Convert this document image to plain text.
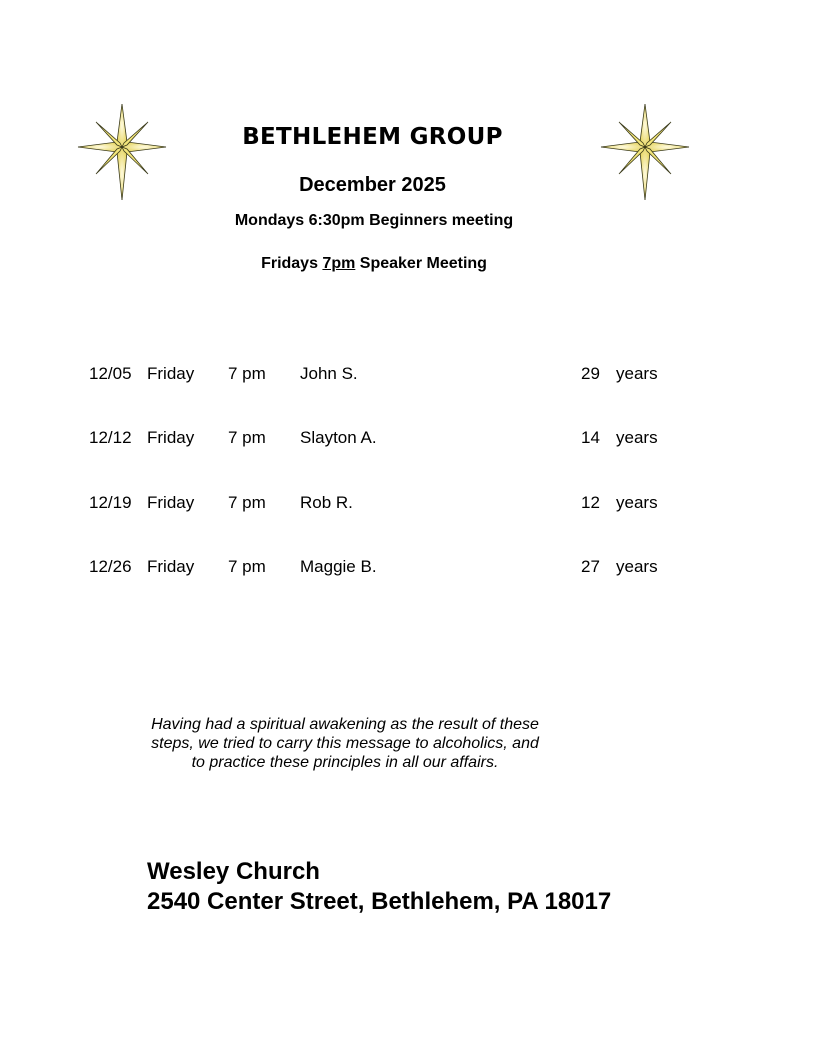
BETHLEHEM GROUP
December 2025
Mondays 6:30pm Beginners meeting
Fridays 7pm Speaker Meeting
12/05 Friday 7 pm John S.	29 years
12/12 Friday 7 pm Slayton A.	14 years
12/19 Friday 7 pm Rob R.	12 years
12/26 Friday 7 pm Maggie B.	27 years
Having had a spiritual awakening as the result of these steps, we tried to carry this message to alcoholics, and to practice these principles in all our affairs.
Wesley Church
2540 Center Street, Bethlehem, PA 18017
